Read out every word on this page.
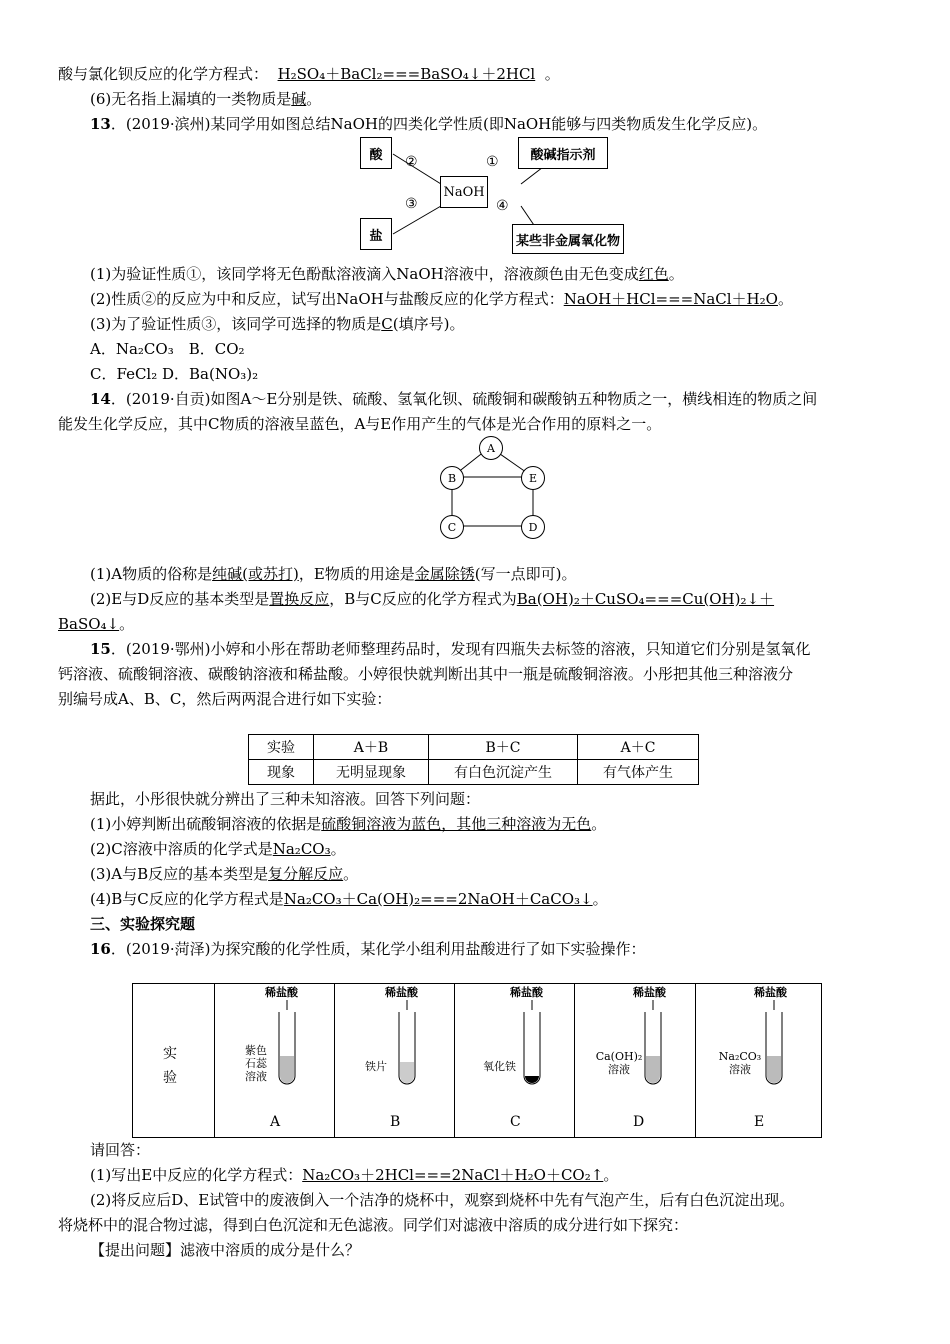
酸与氯化钡反应的化学方程式： H₂SO₄＋BaCl₂===BaSO₄↓＋2HCl 。
(6)无名指上漏填的一类物质是碱。
13．(2019·滨州)某同学用如图总结NaOH的四类化学性质(即NaOH能够与四类物质发生化学反应)。
酸	酸碱指示剂
NaOH
盐	某些非金属氧化物
②	①
③	④
(1)为验证性质①，该同学将无色酚酞溶液滴入NaOH溶液中，溶液颜色由无色变成红色。
(2)性质②的反应为中和反应，试写出NaOH与盐酸反应的化学方程式：NaOH＋HCl===NaCl＋H₂O。
(3)为了验证性质③，该同学可选择的物质是C(填序号)。
A．Na₂CO₃　B．CO₂
C．FeCl₂ D．Ba(NO₃)₂
14．(2019·自贡)如图A～E分别是铁、硫酸、氢氧化钡、硫酸铜和碳酸钠五种物质之一，横线相连的物质之间
能发生化学反应，其中C物质的溶液呈蓝色，A与E作用产生的气体是光合作用的原料之一。
A
B	E
C	D
(1)A物质的俗称是纯碱(或苏打)，E物质的用途是金属除锈(写一点即可)。
(2)E与D反应的基本类型是置换反应，B与C反应的化学方程式为Ba(OH)₂＋CuSO₄===Cu(OH)₂↓＋
BaSO₄↓。
15．(2019·鄂州)小婷和小彤在帮助老师整理药品时，发现有四瓶失去标签的溶液，只知道它们分别是氢氧化
钙溶液、硫酸铜溶液、碳酸钠溶液和稀盐酸。小婷很快就判断出其中一瓶是硫酸铜溶液。小彤把其他三种溶液分
别编号成A、B、C，然后两两混合进行如下实验：
实验	A＋B	B＋C	A＋C
现象	无明显现象	有白色沉淀产生	有气体产生
据此，小彤很快就分辨出了三种未知溶液。回答下列问题：
(1)小婷判断出硫酸铜溶液的依据是硫酸铜溶液为蓝色，其他三种溶液为无色。
(2)C溶液中溶质的化学式是Na₂CO₃。
(3)A与B反应的基本类型是复分解反应。
(4)B与C反应的化学方程式是Na₂CO₃＋Ca(OH)₂===2NaOH＋CaCO₃↓。
三、实验探究题
16．(2019·菏泽)为探究酸的化学性质，某化学小组利用盐酸进行了如下实验操作：
实
验
稀盐酸
紫色石蕊溶液
A
稀盐酸
铁片
B
稀盐酸
氧化铁
C
稀盐酸
Ca(OH)₂溶液
D
稀盐酸
Na₂CO₃溶液
E
请回答：
(1)写出E中反应的化学方程式：Na₂CO₃＋2HCl===2NaCl＋H₂O＋CO₂↑。
(2)将反应后D、E试管中的废液倒入一个洁净的烧杯中，观察到烧杯中先有气泡产生，后有白色沉淀出现。
将烧杯中的混合物过滤，得到白色沉淀和无色滤液。同学们对滤液中溶质的成分进行如下探究：
【提出问题】滤液中溶质的成分是什么？
